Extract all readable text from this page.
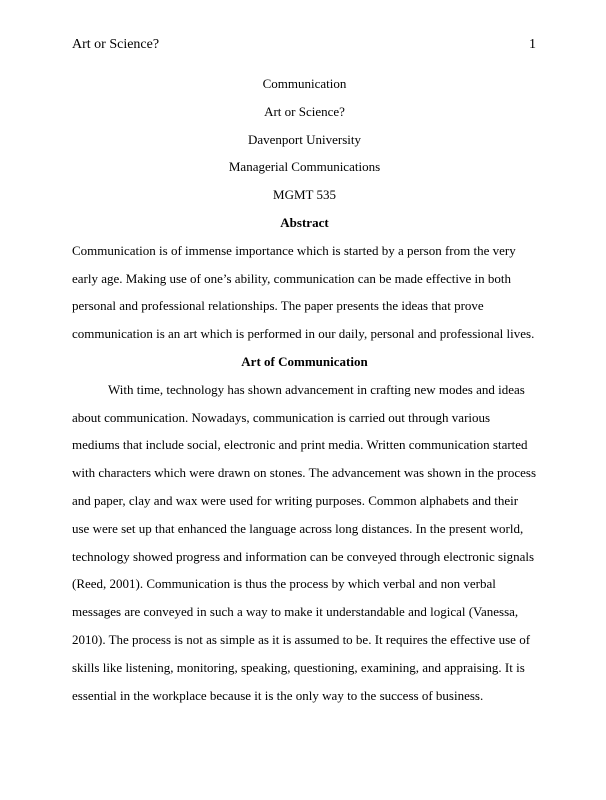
Art or Science?	1

Communication

Art or Science?

Davenport University

Managerial Communications

MGMT 535

Abstract

Communication is of immense importance which is started by a person from the very early age. Making use of one’s ability, communication can be made effective in both personal and professional relationships. The paper presents the ideas that prove communication is an art which is performed in our daily, personal and professional lives.

Art of Communication

With time, technology has shown advancement in crafting new modes and ideas about communication. Nowadays, communication is carried out through various mediums that include social, electronic and print media. Written communication started with characters which were drawn on stones. The advancement was shown in the process and paper, clay and wax were used for writing purposes. Common alphabets and their use were set up that enhanced the language across long distances. In the present world, technology showed progress and information can be conveyed through electronic signals (Reed, 2001). Communication is thus the process by which verbal and non verbal messages are conveyed in such a way to make it understandable and logical (Vanessa, 2010). The process is not as simple as it is assumed to be. It requires the effective use of skills like listening, monitoring, speaking, questioning, examining, and appraising. It is essential in the workplace because it is the only way to the success of business.
